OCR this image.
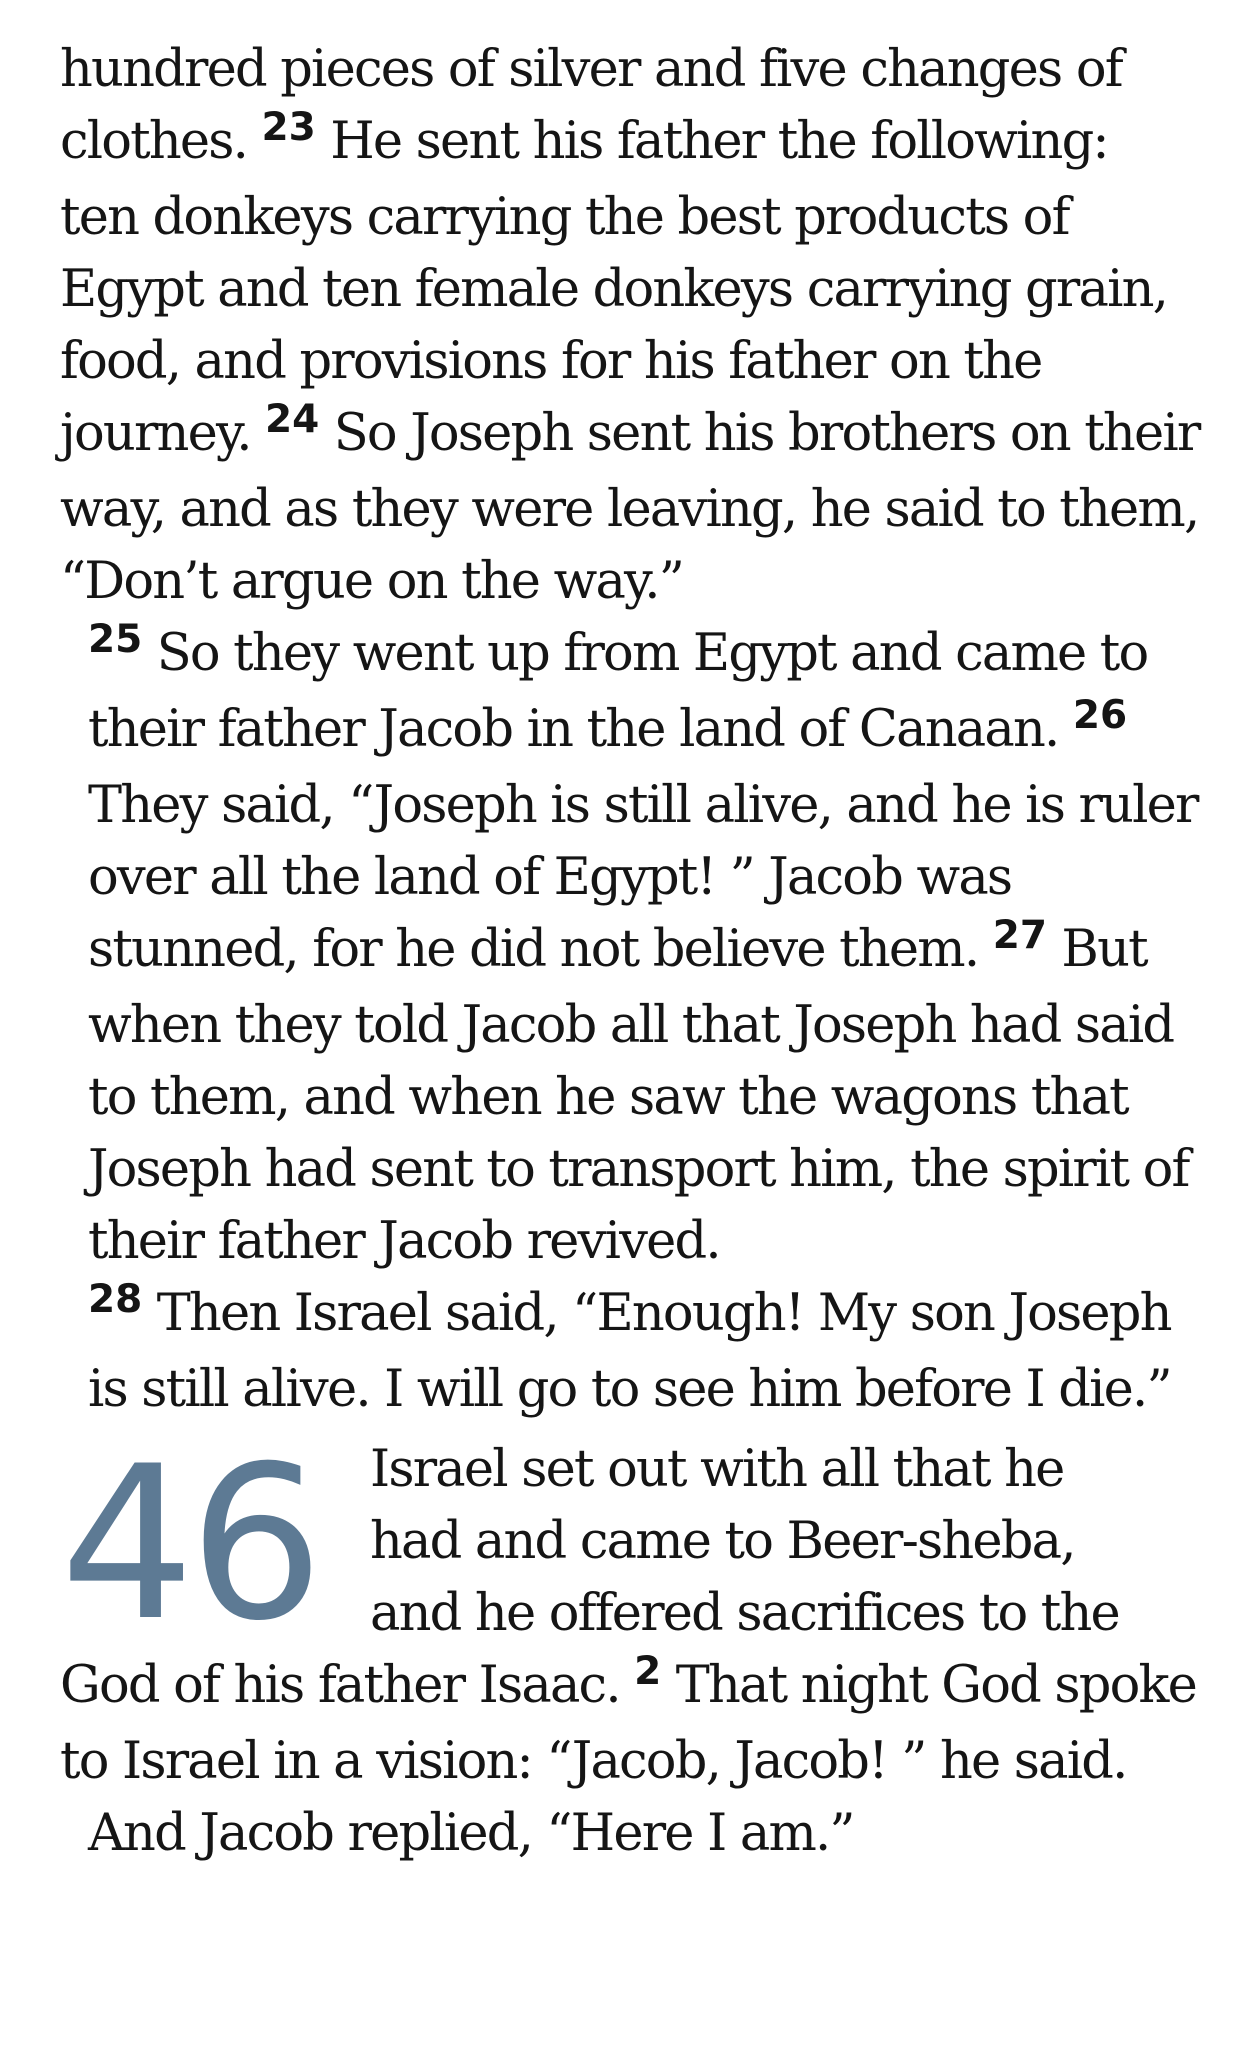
hundred pieces of silver and five changes of clothes. $^{23}$ He sent his father the following: ten donkeys carrying the best products of Egypt and ten female donkeys carrying grain, food, and provisions for his father on the journey. $^{24}$ So Joseph sent his brothers on their way, and as they were leaving, he said to them, “Don’t argue on the way.”

$^{25}$ So they went up from Egypt and came to their father Jacob in the land of Canaan. $^{26}$ They said, “Joseph is still alive, and he is ruler over all the land of Egypt! ” Jacob was stunned, for he did not believe them. $^{27}$ But when they told Jacob all that Joseph had said to them, and when he saw the wagons that Joseph had sent to transport him, the spirit of their father Jacob revived.

$^{28}$ Then Israel said, “Enough! My son Joseph is still alive. I will go to see him before I die.”

46	Israel set out with all that he
had and came to Beer-sheba,
and he offered sacrifices to the

God of his father Isaac. $^2$ That night God spoke to Israel in a vision: “Jacob, Jacob! ” he said.

And Jacob replied, “Here I am.”
